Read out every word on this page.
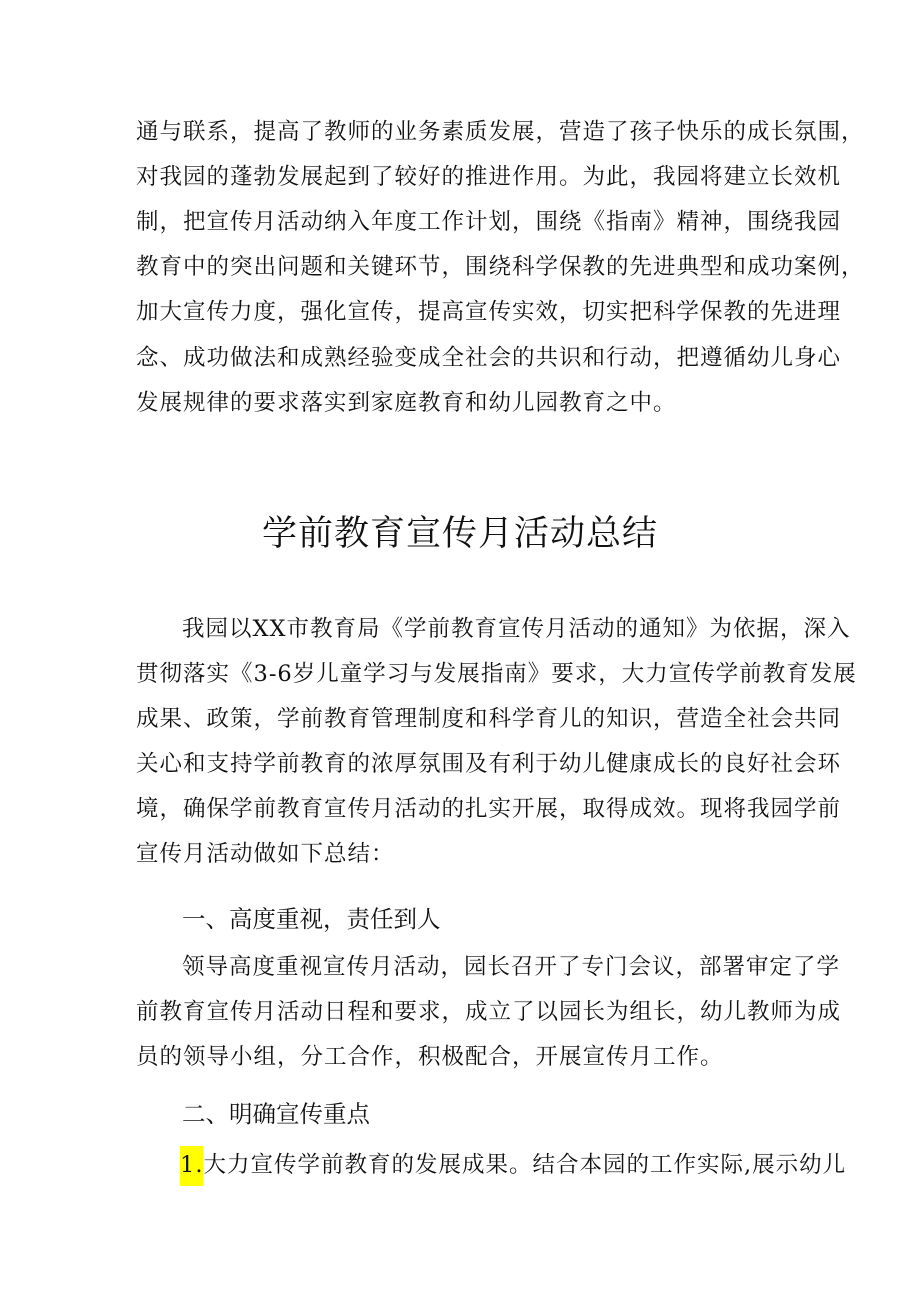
通与联系，提高了教师的业务素质发展，营造了孩子快乐的成长氛围，
对我园的蓬勃发展起到了较好的推进作用。为此，我园将建立长效机
制，把宣传月活动纳入年度工作计划，围绕《指南》精神，围绕我园
教育中的突出问题和关键环节，围绕科学保教的先进典型和成功案例，
加大宣传力度，强化宣传，提高宣传实效，切实把科学保教的先进理
念、成功做法和成熟经验变成全社会的共识和行动，把遵循幼儿身心
发展规律的要求落实到家庭教育和幼儿园教育之中。
学前教育宣传月活动总结
我园以XX市教育局《学前教育宣传月活动的通知》为依据，深入
贯彻落实《3-6岁儿童学习与发展指南》要求，大力宣传学前教育发展
成果、政策，学前教育管理制度和科学育儿的知识，营造全社会共同
关心和支持学前教育的浓厚氛围及有利于幼儿健康成长的良好社会环
境，确保学前教育宣传月活动的扎实开展，取得成效。现将我园学前
宣传月活动做如下总结：
一、高度重视，责任到人
领导高度重视宣传月活动，园长召开了专门会议，部署审定了学
前教育宣传月活动日程和要求，成立了以园长为组长，幼儿教师为成
员的领导小组，分工合作，积极配合，开展宣传月工作。
二、明确宣传重点
1.大力宣传学前教育的发展成果。结合本园的工作实际,展示幼儿
